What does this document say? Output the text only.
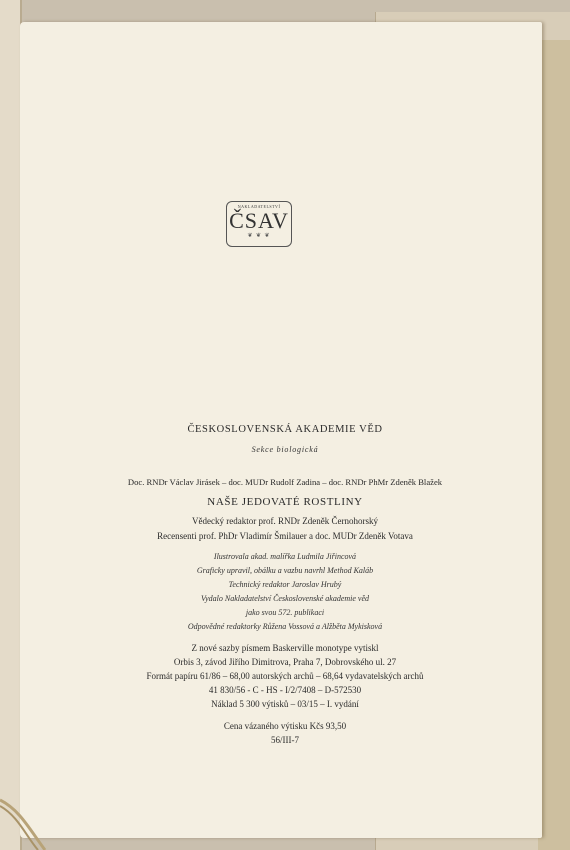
NAKLADATELSTVÍ
ČSAV
❦ ❦ ❦
ČESKOSLOVENSKÁ AKADEMIE VĚD
Sekce biologická
Doc. RNDr Václav Jirásek – doc. MUDr Rudolf Zadina – doc. RNDr PhMr Zdeněk Blažek
NAŠE JEDOVATÉ ROSTLINY
Vědecký redaktor prof. RNDr Zdeněk Černohorský
Recensenti prof. PhDr Vladimír Šmilauer a doc. MUDr Zdeněk Votava
Ilustrovala akad. malířka Ludmila Jiřincová
Graficky upravil, obálku a vazbu navrhl Method Kaláb
Technický redaktor Jaroslav Hrubý
Vydalo Nakladatelství Československé akademie věd
jako svou 572. publikaci
Odpovědné redaktorky Růžena Vossová a Alžběta Mykisková
Z nové sazby písmem Baskerville monotype vytiskl
Orbis 3, závod Jiřího Dimitrova, Praha 7, Dobrovského ul. 27
Formát papíru 61/86 – 68,00 autorských archů – 68,64 vydavatelských archů
41 830/56 - C - HS - I/2/7408 – D-572530
Náklad 5 300 výtisků – 03/15 – I. vydání
Cena vázaného výtisku Kčs 93,50
56/III-7
